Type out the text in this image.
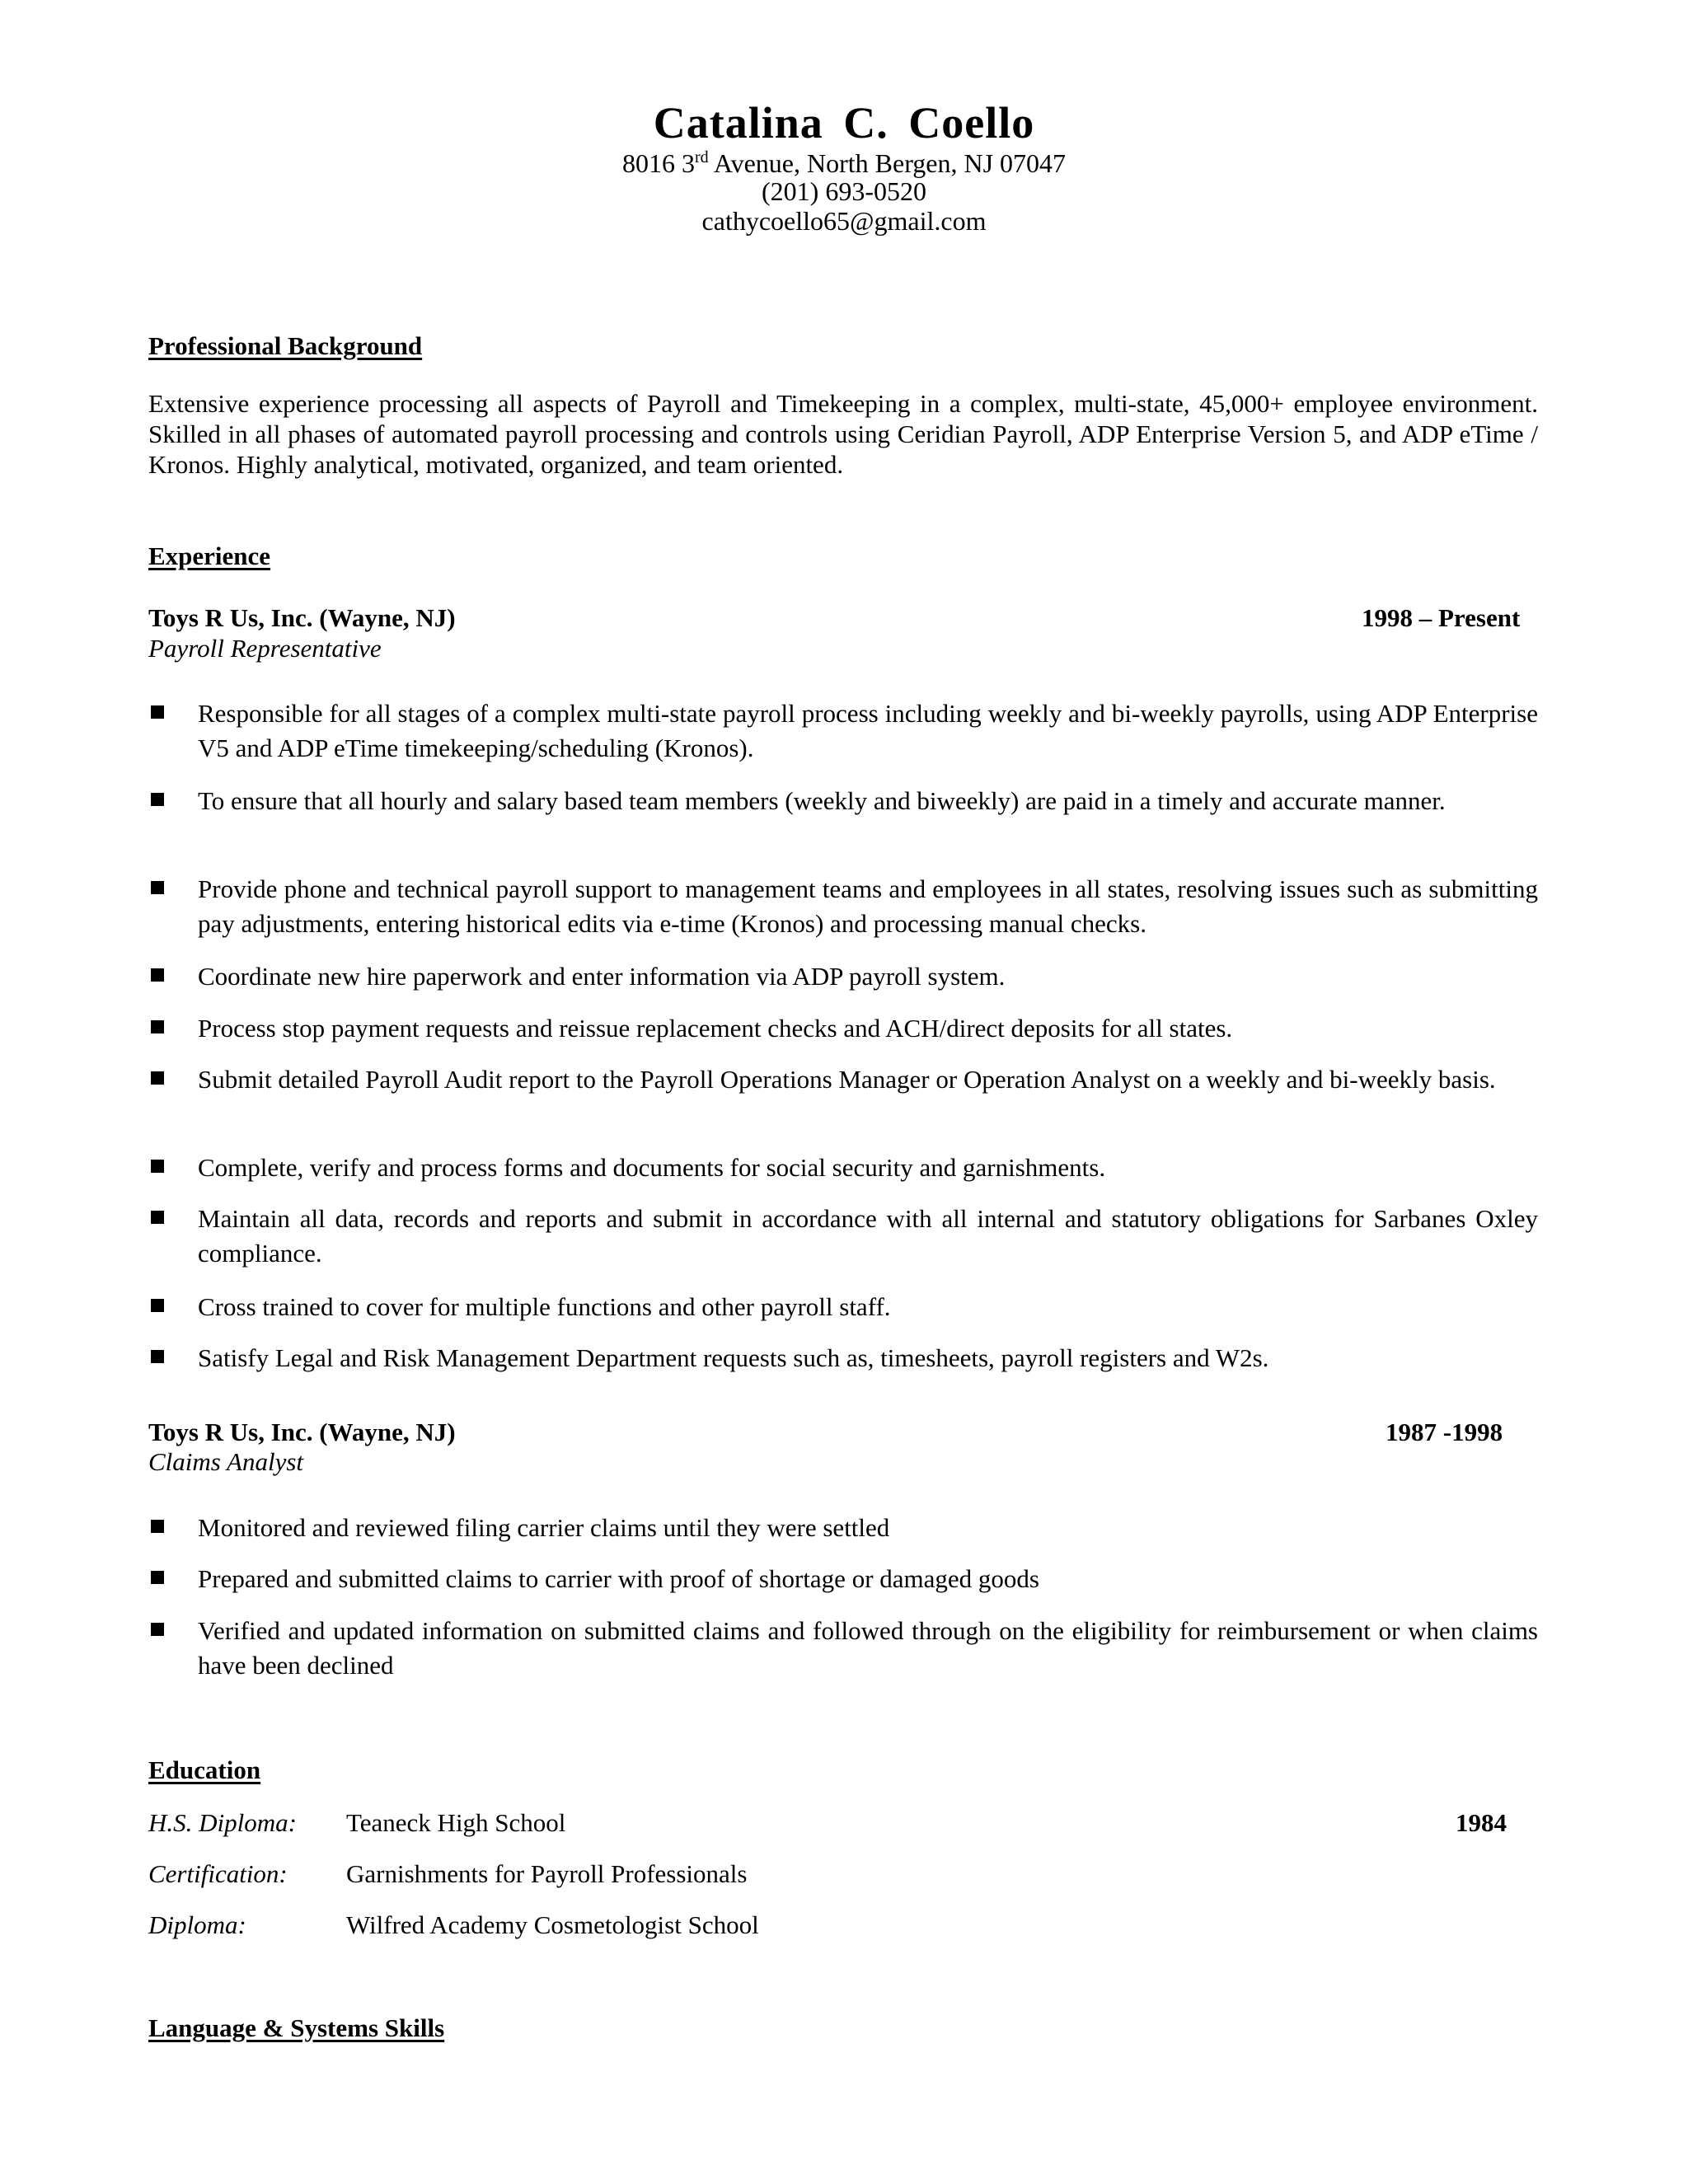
Catalina C. Coello
8016 3rd Avenue, North Bergen, NJ 07047
(201) 693-0520
cathycoello65@gmail.com
Professional Background

Extensive experience processing all aspects of Payroll and Timekeeping in a complex, multi-state, 45,000+ employee environment. Skilled in all phases of automated payroll processing and controls using Ceridian Payroll, ADP Enterprise Version 5, and ADP eTime / Kronos. Highly analytical, motivated, organized, and team oriented.

Experience
Toys R Us, Inc. (Wayne, NJ)	1998 – Present
Payroll Representative
Responsible for all stages of a complex multi-state payroll process including weekly and bi-weekly payrolls, using ADP Enterprise V5 and ADP eTime timekeeping/scheduling (Kronos).
To ensure that all hourly and salary based team members (weekly and biweekly) are paid in a timely and accurate manner.
Provide phone and technical payroll support to management teams and employees in all states, resolving issues such as submitting pay adjustments, entering historical edits via e-time (Kronos) and processing manual checks.
Coordinate new hire paperwork and enter information via ADP payroll system.
Process stop payment requests and reissue replacement checks and ACH/direct deposits for all states.
Submit detailed Payroll Audit report to the Payroll Operations Manager or Operation Analyst on a weekly and bi-weekly basis.
Complete, verify and process forms and documents for social security and garnishments.
Maintain all data, records and reports and submit in accordance with all internal and statutory obligations for Sarbanes Oxley compliance.
Cross trained to cover for multiple functions and other payroll staff.
Satisfy Legal and Risk Management Department requests such as, timesheets, payroll registers and W2s.
Toys R Us, Inc. (Wayne, NJ)	1987 -1998
Claims Analyst
Monitored and reviewed filing carrier claims until they were settled
Prepared and submitted claims to carrier with proof of shortage or damaged goods
Verified and updated information on submitted claims and followed through on the eligibility for reimbursement or when claims have been declined
Education
H.S. Diploma: Teaneck High School	1984
Certification: Garnishments for Payroll Professionals
Diploma:	Wilfred Academy Cosmetologist School
Language & Systems Skills
